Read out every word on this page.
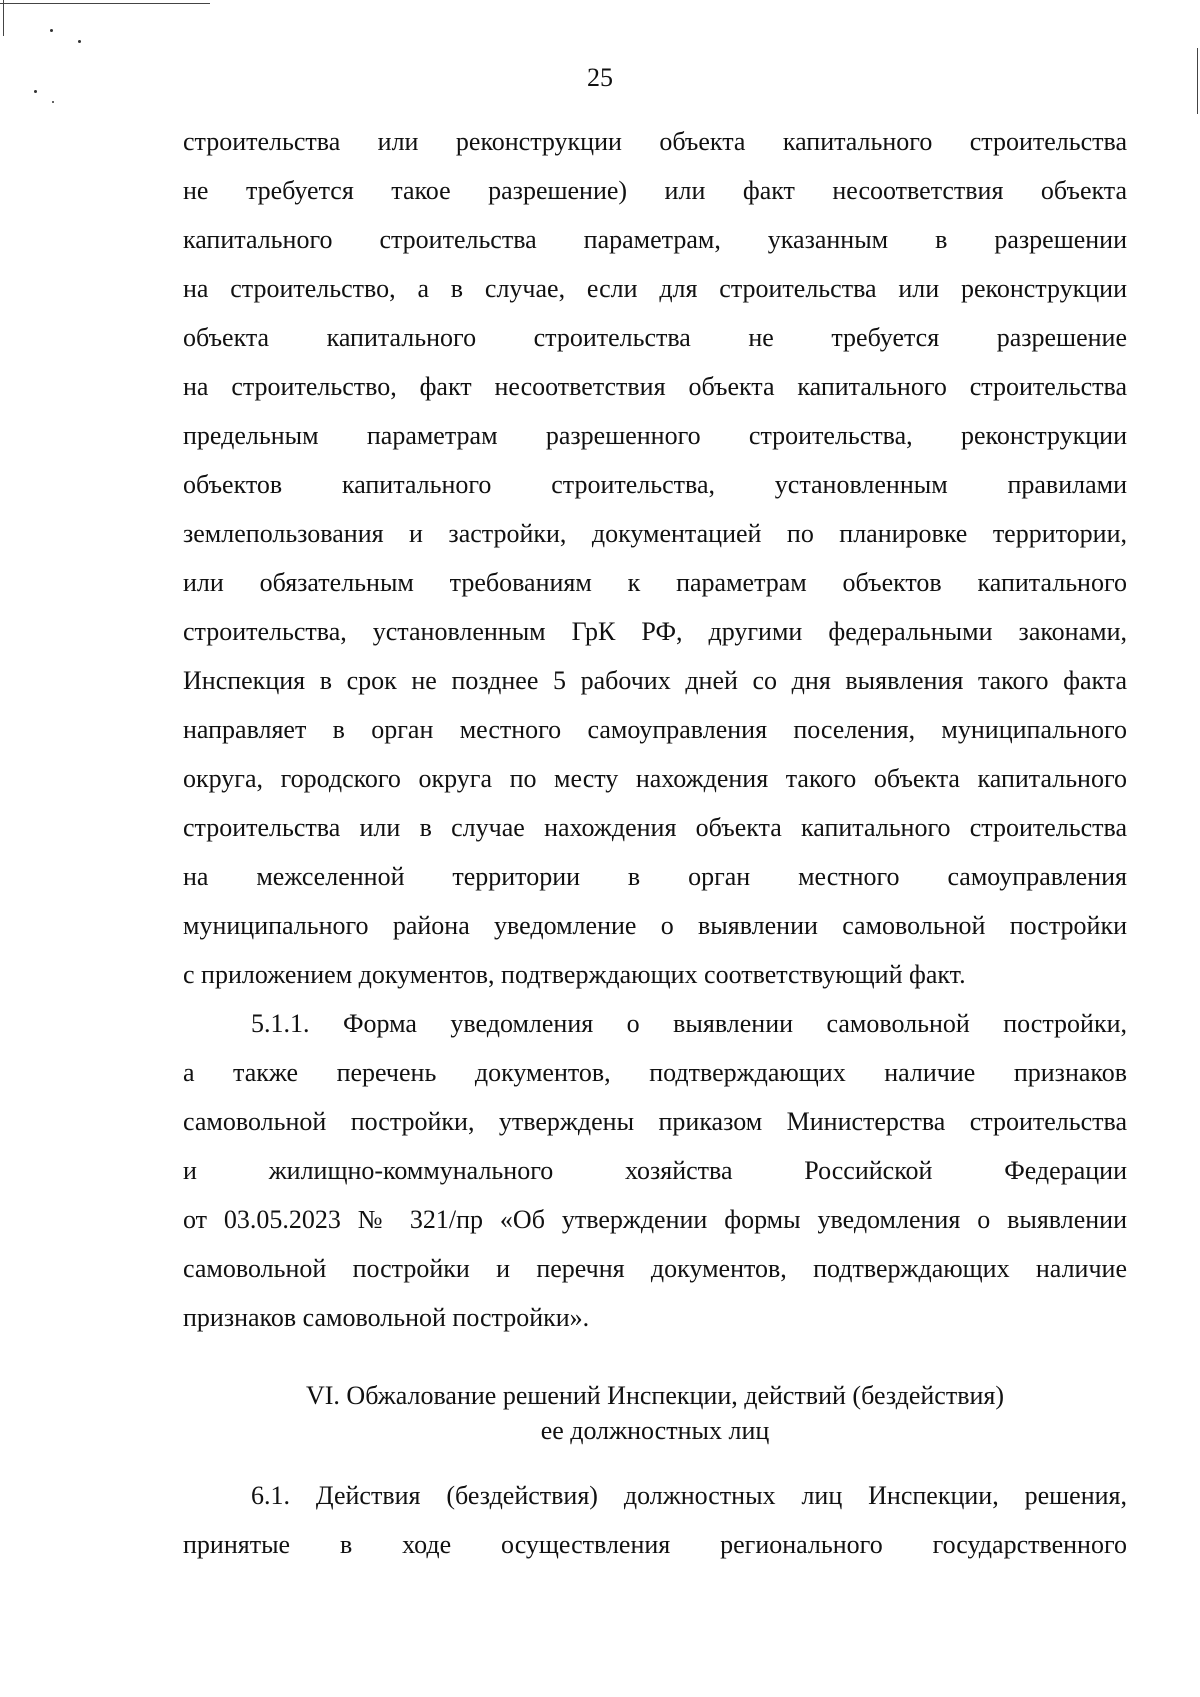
25
строительства или реконструкции объекта капитального строительства
не требуется такое разрешение) или факт несоответствия объекта
капитального строительства параметрам, указанным в разрешении
на строительство, а в случае, если для строительства или реконструкции
объекта капитального строительства не требуется разрешение
на строительство, факт несоответствия объекта капитального строительства
предельным параметрам разрешенного строительства, реконструкции
объектов капитального строительства, установленным правилами
землепользования и застройки, документацией по планировке территории,
или обязательным требованиям к параметрам объектов капитального
строительства, установленным ГрК РФ, другими федеральными законами,
Инспекция в срок не позднее 5 рабочих дней со дня выявления такого факта
направляет в орган местного самоуправления поселения, муниципального
округа, городского округа по месту нахождения такого объекта капитального
строительства или в случае нахождения объекта капитального строительства
на межселенной территории в орган местного самоуправления
муниципального района уведомление о выявлении самовольной постройки
с приложением документов, подтверждающих соответствующий факт.
5.1.1. Форма уведомления о выявлении самовольной постройки,
а также перечень документов, подтверждающих наличие признаков
самовольной постройки, утверждены приказом Министерства строительства
и жилищно-коммунального хозяйства Российской Федерации
от 03.05.2023 № 321/пр «Об утверждении формы уведомления о выявлении
самовольной постройки и перечня документов, подтверждающих наличие
признаков самовольной постройки».
VI. Обжалование решений Инспекции, действий (бездействия)
ее должностных лиц
6.1. Действия (бездействия) должностных лиц Инспекции, решения,
принятые в ходе осуществления регионального государственного
